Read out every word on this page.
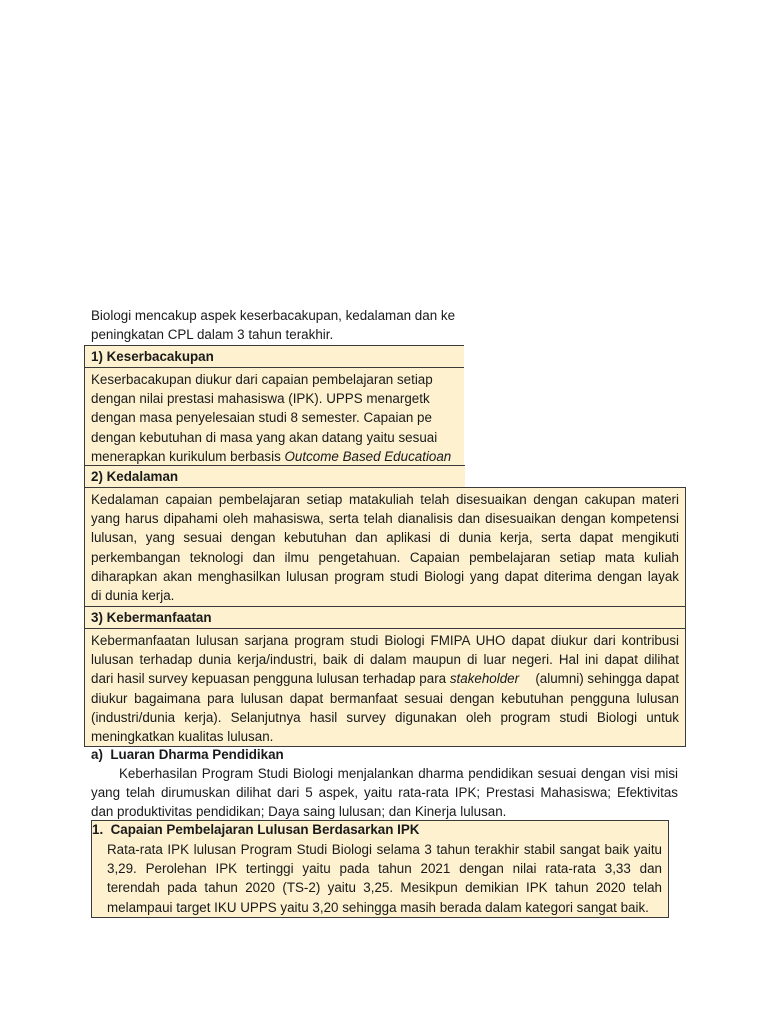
Biologi mencakup aspek keserbacakupan, kedalaman dan ke
peningkatan CPL dalam 3 tahun terakhir.
1) Keserbacakupan
Keserbacakupan diukur dari capaian pembelajaran setiap
dengan nilai prestasi mahasiswa (IPK). UPPS menargetk
dengan masa penyelesaian studi 8 semester. Capaian pe
dengan kebutuhan di masa yang akan datang yaitu sesuai
menerapkan kurikulum berbasis Outcome Based Educatioan
2) Kedalaman
Kedalaman capaian pembelajaran setiap matakuliah telah disesuaikan dengan cakupan materi
yang harus dipahami oleh mahasiswa, serta telah dianalisis dan disesuaikan dengan kompetensi
lulusan, yang sesuai dengan kebutuhan dan aplikasi di dunia kerja, serta dapat mengikuti
perkembangan teknologi dan ilmu pengetahuan. Capaian pembelajaran setiap mata kuliah
diharapkan akan menghasilkan lulusan program studi Biologi yang dapat diterima dengan layak
di dunia kerja.
3) Kebermanfaatan
Kebermanfaatan lulusan sarjana program studi Biologi FMIPA UHO dapat diukur dari kontribusi
lulusan terhadap dunia kerja/industri, baik di dalam maupun di luar negeri. Hal ini dapat dilihat
dari hasil survey kepuasan pengguna lulusan terhadap para stakeholder (alumni) sehingga dapat
diukur bagaimana para lulusan dapat bermanfaat sesuai dengan kebutuhan pengguna lulusan
(industri/dunia kerja). Selanjutnya hasil survey digunakan oleh program studi Biologi untuk
meningkatkan kualitas lulusan.
a)  Luaran Dharma Pendidikan
Keberhasilan Program Studi Biologi menjalankan dharma pendidikan sesuai dengan visi misi
yang telah dirumuskan dilihat dari 5 aspek, yaitu rata-rata IPK; Prestasi Mahasiswa; Efektivitas
dan produktivitas pendidikan; Daya saing lulusan; dan Kinerja lulusan.
1.  Capaian Pembelajaran Lulusan Berdasarkan IPK
Rata-rata IPK lulusan Program Studi Biologi selama 3 tahun terakhir stabil sangat baik yaitu
3,29. Perolehan IPK tertinggi yaitu pada tahun 2021 dengan nilai rata-rata 3,33 dan
terendah pada tahun 2020 (TS-2) yaitu 3,25. Mesikpun demikian IPK tahun 2020 telah
melampaui target IKU UPPS yaitu 3,20 sehingga masih berada dalam kategori sangat baik.
